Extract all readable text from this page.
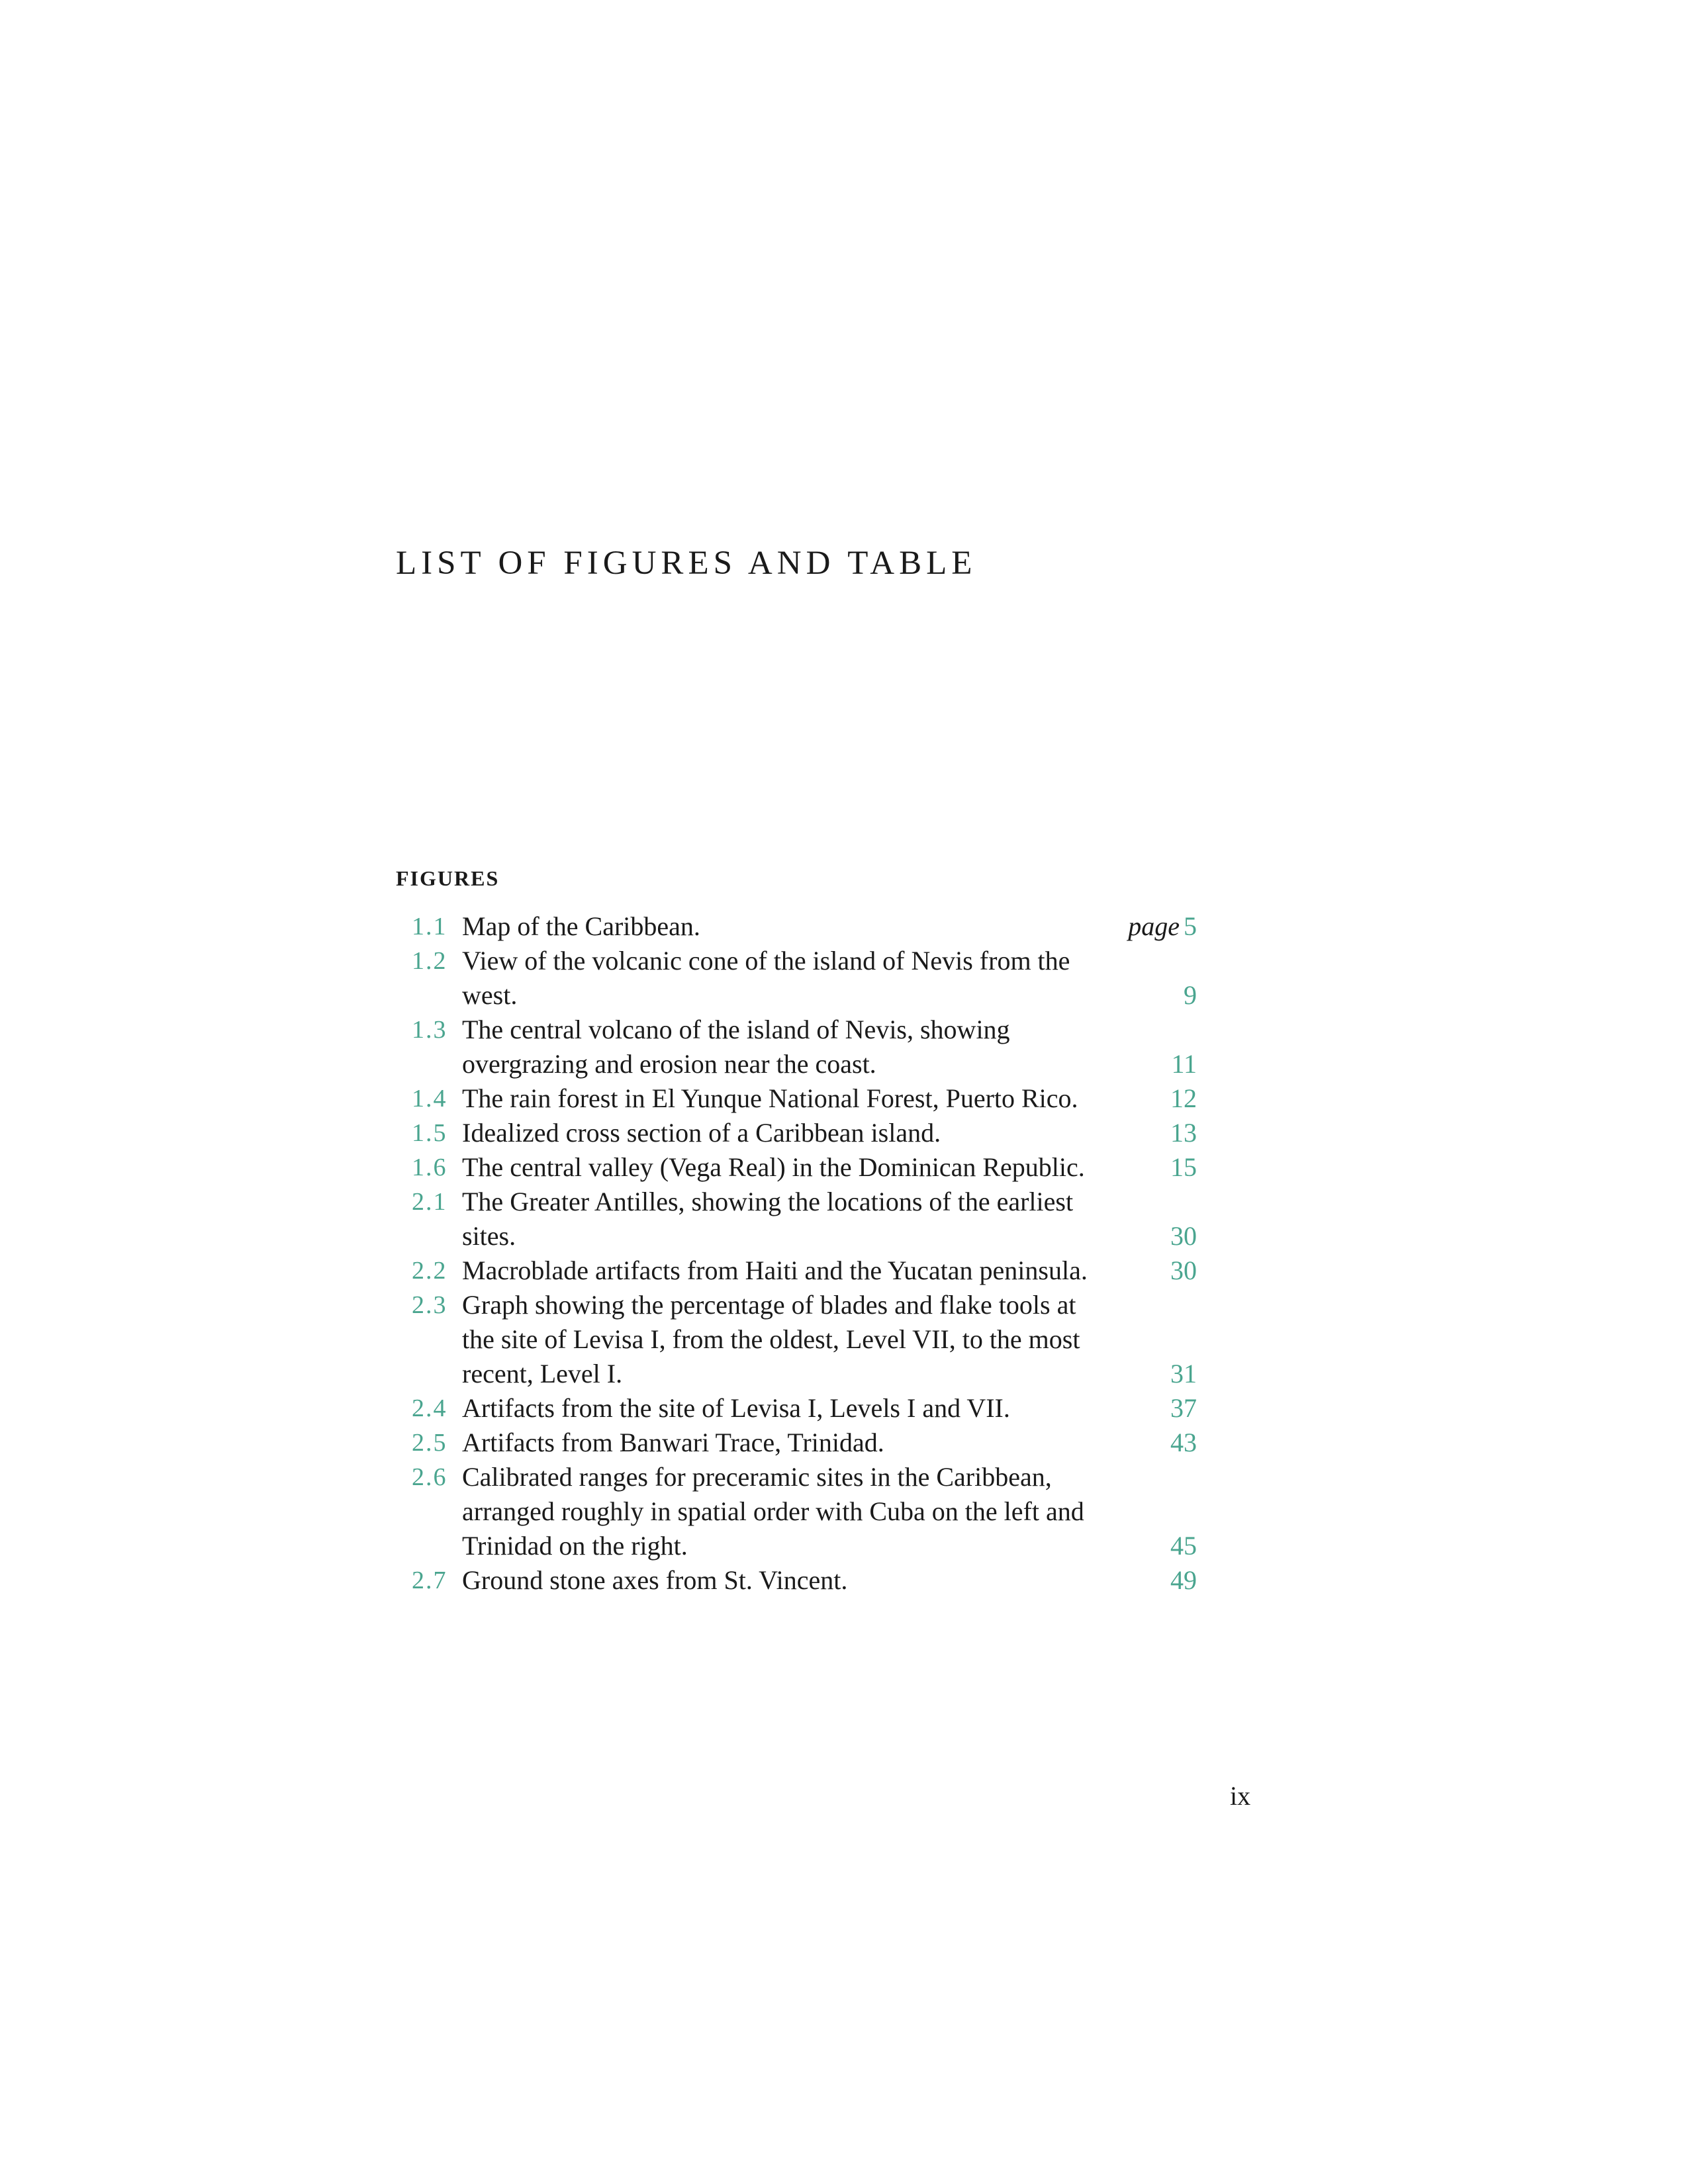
LIST OF FIGURES AND TABLE
FIGURES
1.1 Map of the Caribbean.	page 5
1.2 View of the volcanic cone of the island of Nevis from the west.	9
1.3 The central volcano of the island of Nevis, showing overgrazing and erosion near the coast.	11
1.4 The rain forest in El Yunque National Forest, Puerto Rico.	12
1.5 Idealized cross section of a Caribbean island.	13
1.6 The central valley (Vega Real) in the Dominican Republic.	15
2.1 The Greater Antilles, showing the locations of the earliest sites.	30
2.2 Macroblade artifacts from Haiti and the Yucatan peninsula.	30
2.3 Graph showing the percentage of blades and flake tools at the site of Levisa I, from the oldest, Level VII, to the most recent, Level I.	31
2.4 Artifacts from the site of Levisa I, Levels I and VII.	37
2.5 Artifacts from Banwari Trace, Trinidad.	43
2.6 Calibrated ranges for preceramic sites in the Caribbean, arranged roughly in spatial order with Cuba on the left and Trinidad on the right.	45
2.7 Ground stone axes from St. Vincent.	49

ix
